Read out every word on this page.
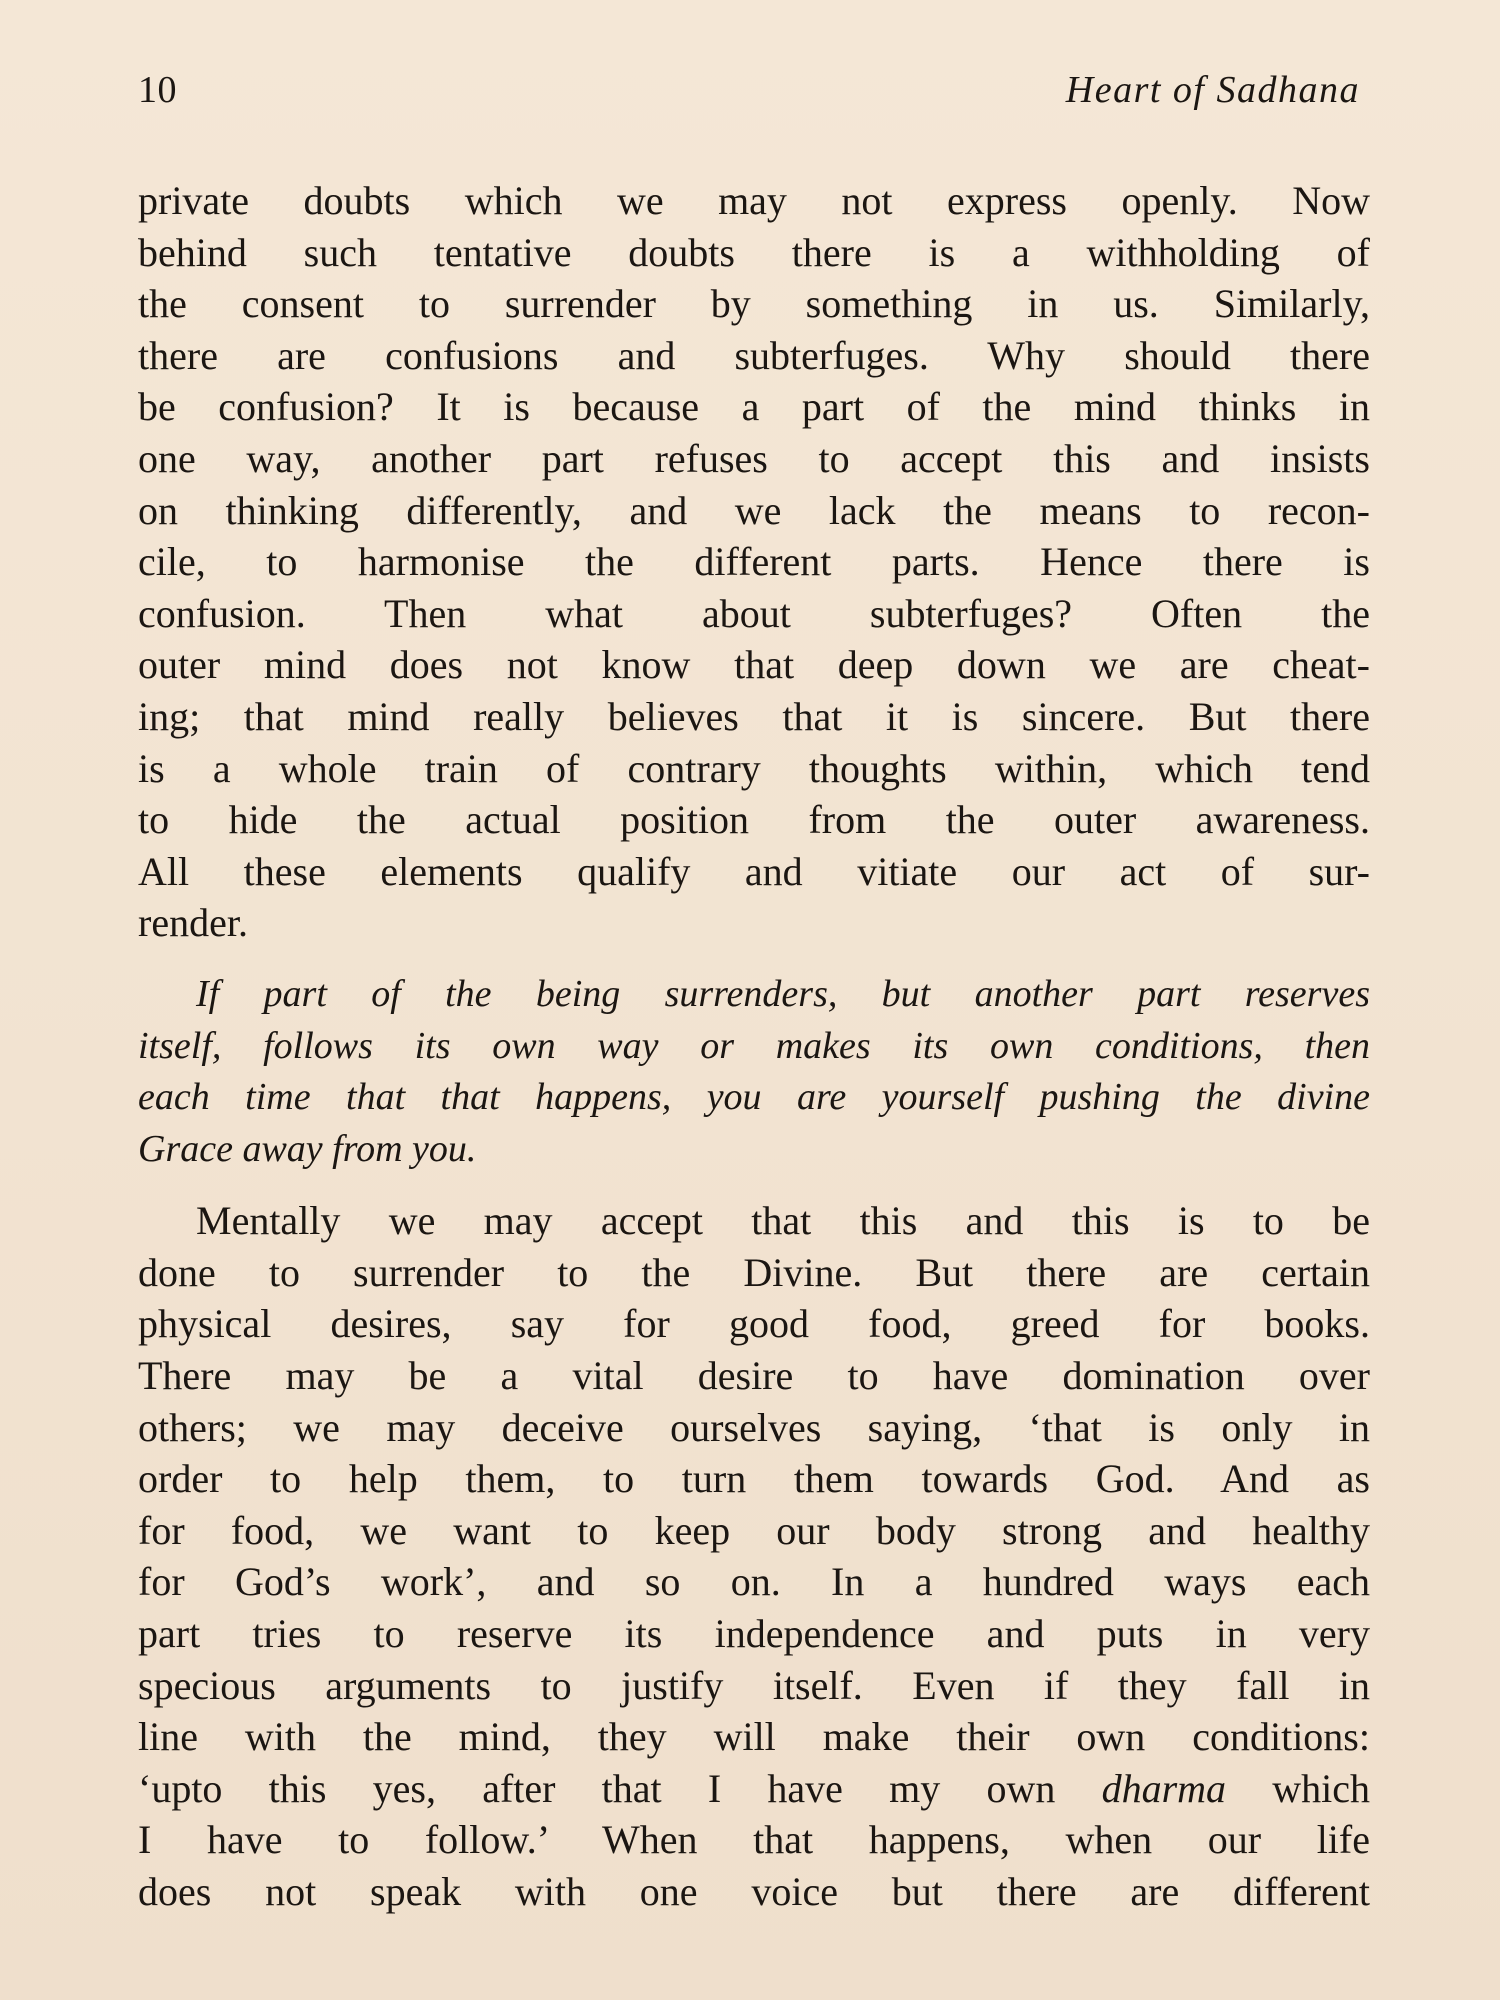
10	Heart of Sadhana
private doubts which we may not express openly. Now
behind such tentative doubts there is a withholding of
the consent to surrender by something in us. Similarly,
there are confusions and subterfuges. Why should there
be confusion? It is because a part of the mind thinks in
one way, another part refuses to accept this and insists
on thinking differently, and we lack the means to recon-
cile, to harmonise the different parts. Hence there is
confusion. Then what about subterfuges? Often the
outer mind does not know that deep down we are cheat-
ing; that mind really believes that it is sincere. But there
is a whole train of contrary thoughts within, which tend
to hide the actual position from the outer awareness.
All these elements qualify and vitiate our act of sur-
render.
If part of the being surrenders, but another part reserves
itself, follows its own way or makes its own conditions, then
each time that that happens, you are yourself pushing the divine
Grace away from you.
Mentally we may accept that this and this is to be
done to surrender to the Divine. But there are certain
physical desires, say for good food, greed for books.
There may be a vital desire to have domination over
others; we may deceive ourselves saying, ‘that is only in
order to help them, to turn them towards God. And as
for food, we want to keep our body strong and healthy
for God’s work’, and so on. In a hundred ways each
part tries to reserve its independence and puts in very
specious arguments to justify itself. Even if they fall in
line with the mind, they will make their own conditions:
‘upto this yes, after that I have my own dharma which
I have to follow.’ When that happens, when our life
does not speak with one voice but there are different
